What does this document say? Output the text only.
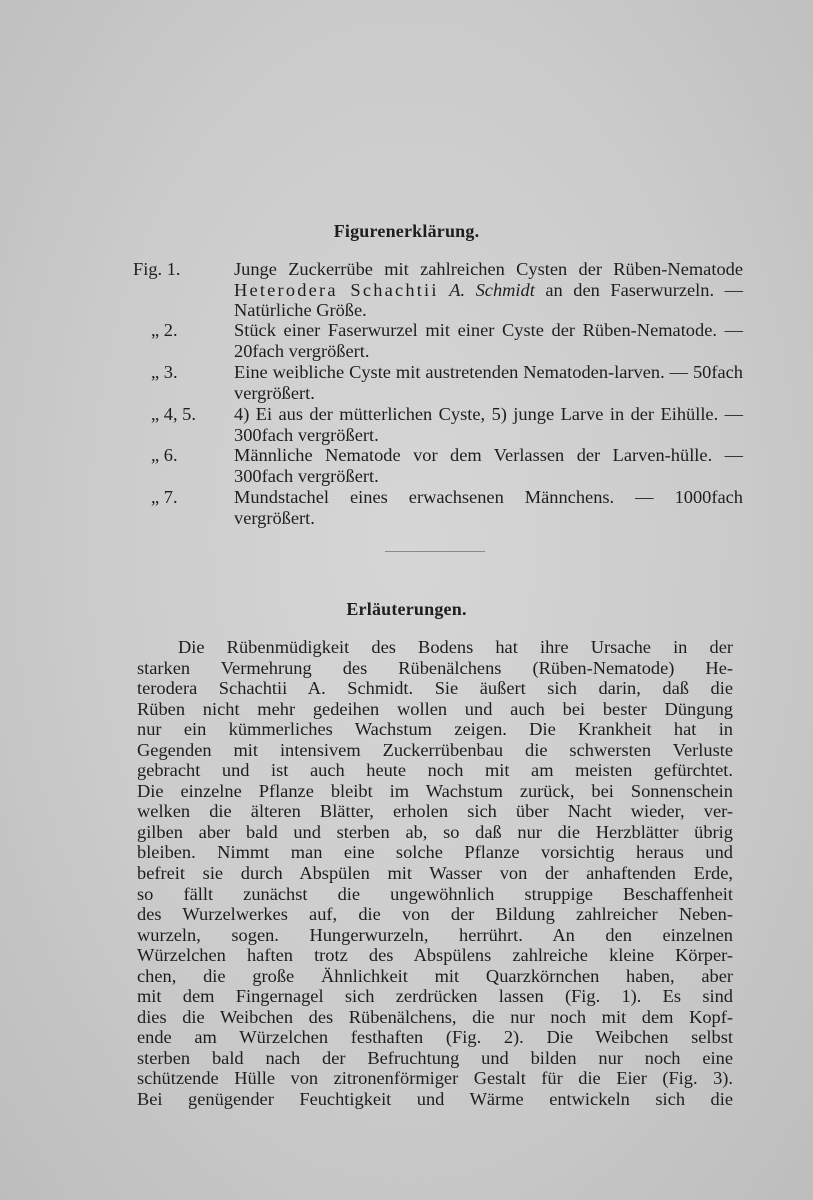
Figurenerklärung.
Fig. 1.	Junge Zuckerrübe mit zahlreichen Cysten der Rüben-Nematode Heterodera Schachtii A. Schmidt an den Faserwurzeln. — Natürliche Größe.
„ 2.	Stück einer Faserwurzel mit einer Cyste der Rüben-Nematode. — 20fach vergrößert.
„ 3.	Eine weibliche Cyste mit austretenden Nematoden-larven. — 50fach vergrößert.
„ 4, 5.	4) Ei aus der mütterlichen Cyste, 5) junge Larve in der Eihülle. — 300fach vergrößert.
„ 6.	Männliche Nematode vor dem Verlassen der Larven-hülle. — 300fach vergrößert.
„ 7.	Mundstachel eines erwachsenen Männchens. — 1000fach vergrößert.
Erläuterungen.
Die Rübenmüdigkeit des Bodens hat ihre Ursache in der
starken Vermehrung des Rübenälchens (Rüben-Nematode) He-
terodera Schachtii A. Schmidt. Sie äußert sich darin, daß die
Rüben nicht mehr gedeihen wollen und auch bei bester Düngung
nur ein kümmerliches Wachstum zeigen. Die Krankheit hat in
Gegenden mit intensivem Zuckerrübenbau die schwersten Verluste
gebracht und ist auch heute noch mit am meisten gefürchtet.
Die einzelne Pflanze bleibt im Wachstum zurück, bei Sonnenschein
welken die älteren Blätter, erholen sich über Nacht wieder, ver-
gilben aber bald und sterben ab, so daß nur die Herzblätter übrig
bleiben. Nimmt man eine solche Pflanze vorsichtig heraus und
befreit sie durch Abspülen mit Wasser von der anhaftenden Erde,
so fällt zunächst die ungewöhnlich struppige Beschaffenheit
des Wurzelwerkes auf, die von der Bildung zahlreicher Neben-
wurzeln, sogen. Hungerwurzeln, herrührt. An den einzelnen
Würzelchen haften trotz des Abspülens zahlreiche kleine Körper-
chen, die große Ähnlichkeit mit Quarzkörnchen haben, aber
mit dem Fingernagel sich zerdrücken lassen (Fig. 1). Es sind
dies die Weibchen des Rübenälchens, die nur noch mit dem Kopf-
ende am Würzelchen festhaften (Fig. 2). Die Weibchen selbst
sterben bald nach der Befruchtung und bilden nur noch eine
schützende Hülle von zitronenförmiger Gestalt für die Eier (Fig. 3).
Bei genügender Feuchtigkeit und Wärme entwickeln sich die
